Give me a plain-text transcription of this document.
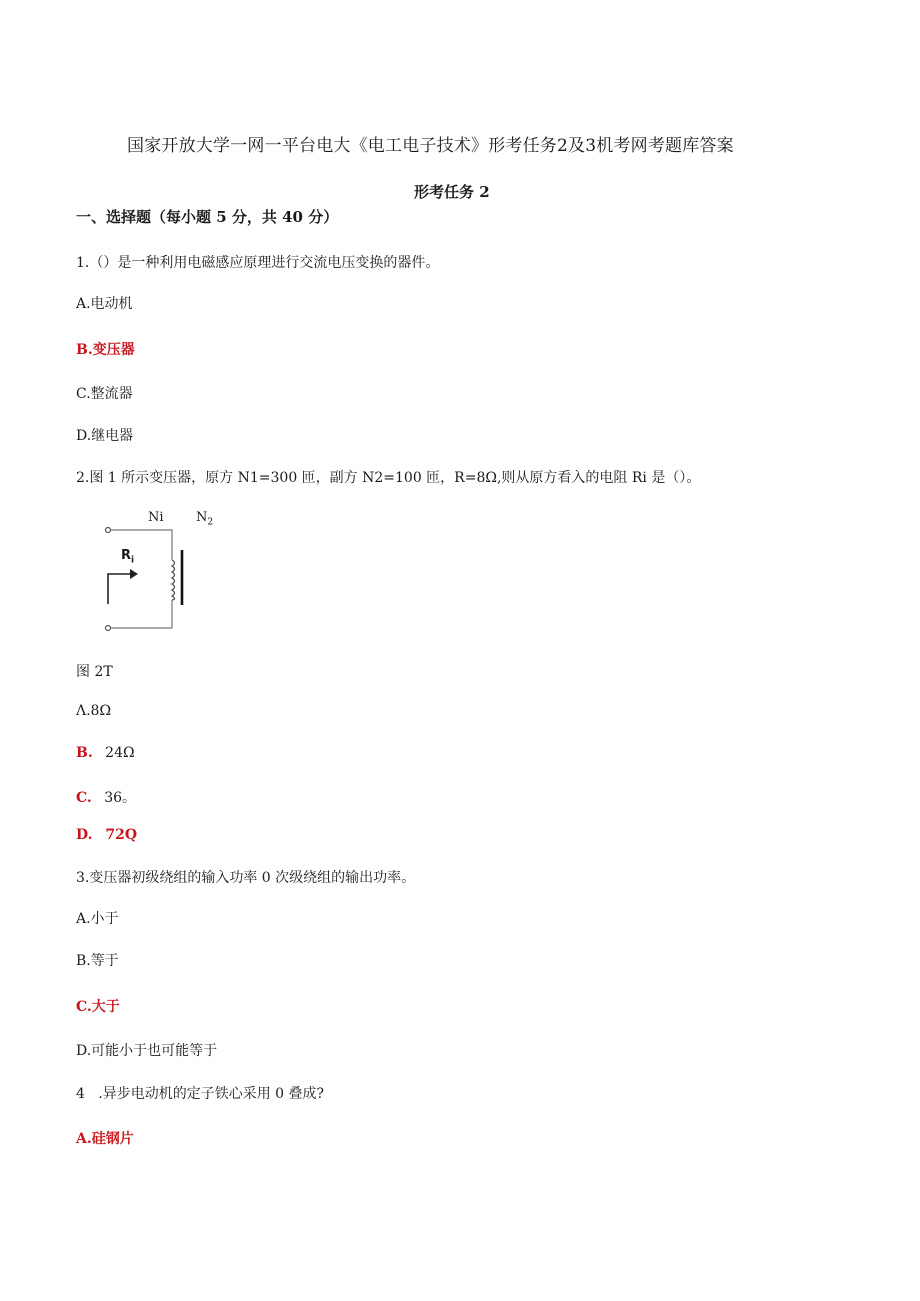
国家开放大学一网一平台电大《电工电子技术》形考任务2及3机考网考题库答案
形考任务 2
一、选择题（每小题 5 分，共 40 分）
1.（）是一种利用电磁感应原理进行交流电压变换的器件。
A.电动机
B.变压器
C.整流器
D.继电器
2.图 1 所示变压器，原方 N1=300 匝，副方 N2=100 匝，R=8Ω,则从原方看入的电阻 Ri 是（）。
Ni $N_2$
$R_i$
图 2T
Λ.8Ω
B. 24Ω
C. 36。
D. 72Q
3.变压器初级绕组的输入功率 0 次级绕组的输出功率。
A.小于
B.等于
C.大于
D.可能小于也可能等于
4   .异步电动机的定子铁心采用 0 叠成?
A.硅钢片
